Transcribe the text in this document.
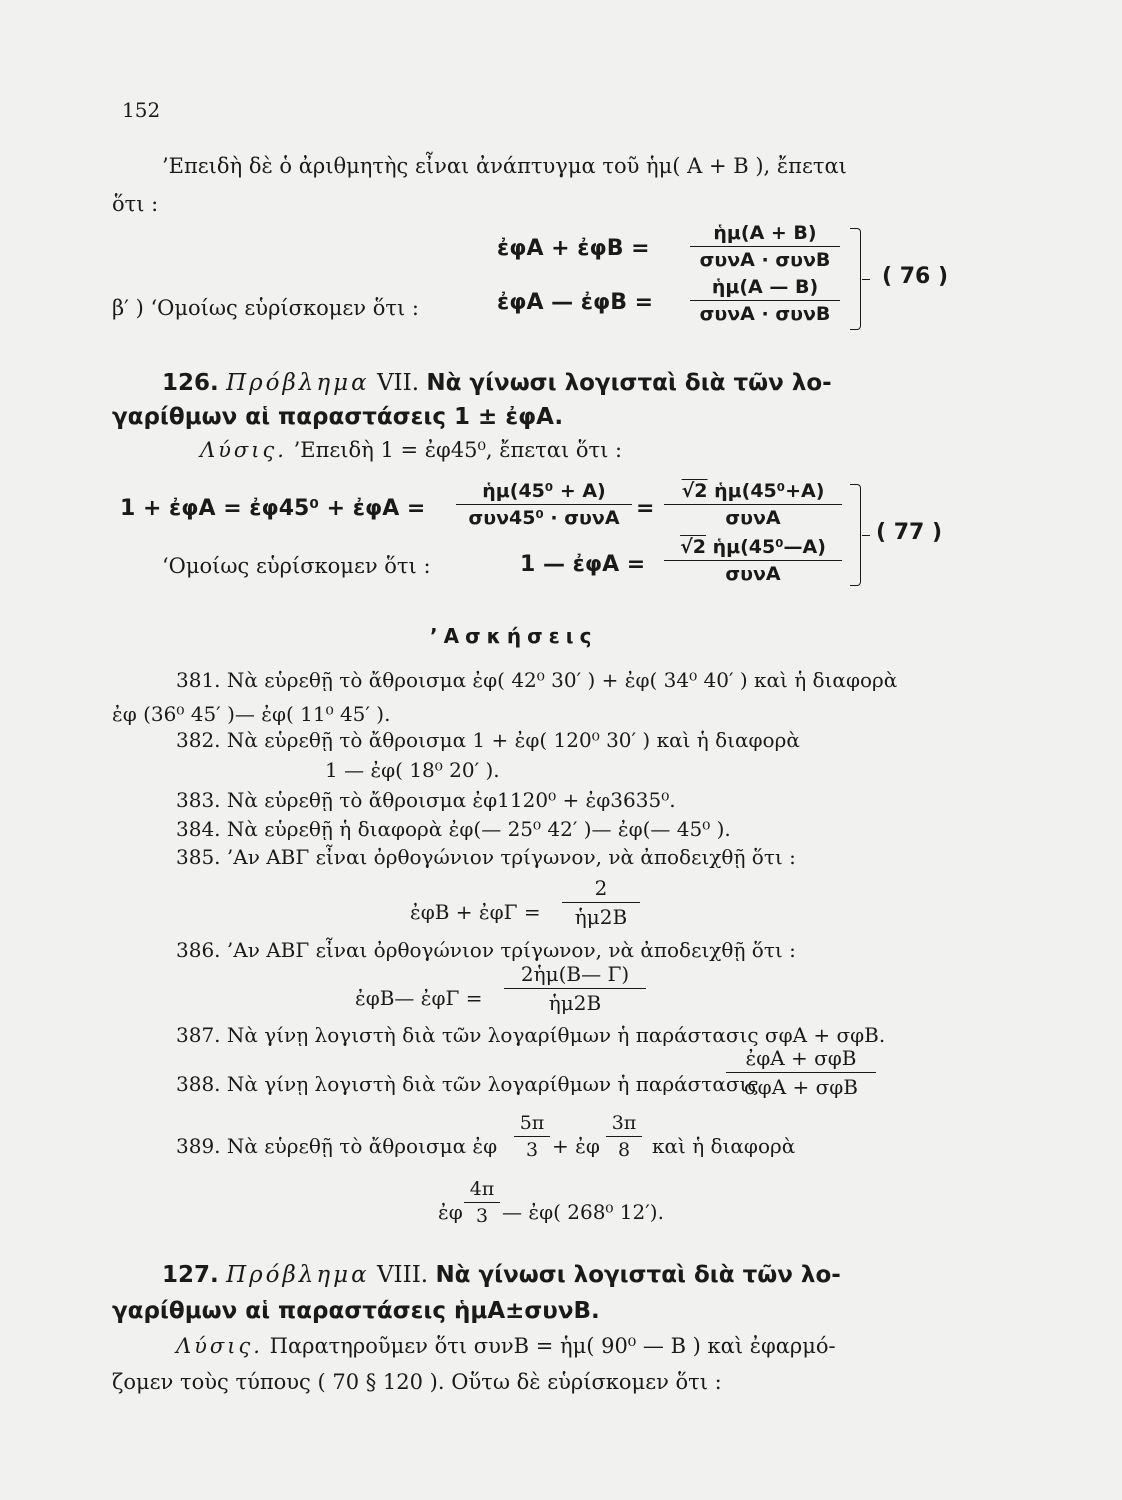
152
’Επειδὴ δὲ ὁ ἀριθμητὴς εἶναι ἀνάπτυγμα τοῦ ἡμ( A + B ), ἔπεται
ὅτι :
ἐφA + ἐφB =
ἡμ(A + B)
συνA · συνB
β′ ) ‘Ομοίως εὑρίσκομεν ὅτι :	ἐφA — ἐφB =
ἡμ(A — B)
συνA · συνB
( 76 )
126. Πρόβλημα VII. Νὰ γίνωσι λογισταὶ διὰ τῶν λο-
γαρίθμων αἱ παραστάσεις 1 ± ἐφA.
Λύσις. ’Επειδὴ 1 = ἐφ45⁰, ἔπεται ὅτι :
1 + ἐφA = ἐφ45⁰ + ἐφA =
ἡμ(45⁰ + A)
συν45⁰ · συνA =
√2 ἡμ(45⁰+A)
συνA
‘Ομοίως εὑρίσκομεν ὅτι :	1 — ἐφA =
√2 ἡμ(45⁰—A)
συνA
( 77 )
’Ασκήσεις
381. Νὰ εὑρεθῇ τὸ ἄθροισμα ἐφ( 42⁰ 30′ ) + ἐφ( 34⁰ 40′ ) καὶ ἡ διαφορὰ
ἐφ (36⁰ 45′ )— ἐφ( 11⁰ 45′ ).
382. Νὰ εὑρεθῇ τὸ ἄθροισμα 1 + ἐφ( 120⁰ 30′ ) καὶ ἡ διαφορὰ
1 — ἐφ( 18⁰ 20′ ).
383. Νὰ εὑρεθῇ τὸ ἄθροισμα ἐφ1120⁰ + ἐφ3635⁰.
384. Νὰ εὑρεθῇ ἡ διαφορὰ ἐφ(— 25⁰ 42′ )— ἐφ(— 45⁰ ).
385. ’Αν ΑΒΓ εἶναι ὀρθογώνιον τρίγωνον, νὰ ἀποδειχθῇ ὅτι :
ἐφB + ἐφΓ = $\frac{2}{\text{ἡμ2B}}$
386. ’Αν ΑΒΓ εἶναι ὀρθογώνιον τρίγωνον, νὰ ἀποδειχθῇ ὅτι :
ἐφB— ἐφΓ = $\frac{\text{2ἡμ(B— Γ)}}{\text{ἡμ2B}}$
387. Νὰ γίνῃ λογιστὴ διὰ τῶν λογαρίθμων ἡ παράστασις σφA + σφB.
388. Νὰ γίνῃ λογιστὴ διὰ τῶν λογαρίθμων ἡ παράστασις
ἐφA + σφB
σφA + σφB
389. Νὰ εὑρεθῇ τὸ ἄθροισμα ἐφ $\frac{5\pi}{3}$ + ἐφ $\frac{3\pi}{8}$ καὶ ἡ διαφορὰ
ἐφ $\frac{4\pi}{3}$ — ἐφ( 268⁰ 12′).
127. Πρόβλημα VIII. Νὰ γίνωσι λογισταὶ διὰ τῶν λο-
γαρίθμων αἱ παραστάσεις ἡμA±συνB.
Λύσις. Παρατηροῦμεν ὅτι συνB = ἡμ( 90⁰ — B ) καὶ ἐφαρμό-
ζομεν τοὺς τύπους ( 70 § 120 ). Οὕτω δὲ εὑρίσκομεν ὅτι :
